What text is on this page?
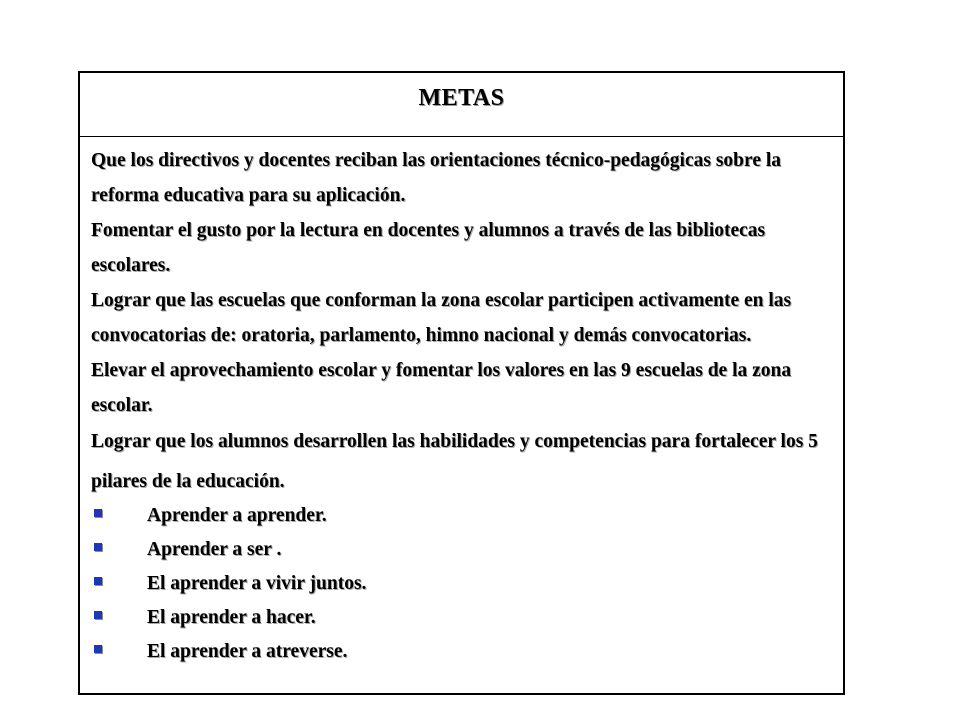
METAS

Que los directivos y docentes reciban las orientaciones técnico-pedagógicas sobre la reforma educativa para su aplicación.

Fomentar el gusto por la lectura en docentes y alumnos a través de las bibliotecas escolares.

Lograr que las escuelas que conforman la zona escolar participen activamente en las convocatorias de: oratoria, parlamento, himno nacional y demás convocatorias.

Elevar el aprovechamiento escolar y fomentar los valores en las 9 escuelas de la zona escolar.

Lograr que los alumnos desarrollen las habilidades y competencias para fortalecer los 5 pilares de la educación.

Aprender a aprender.
Aprender a ser .
El aprender a vivir juntos.
El aprender a hacer.
El aprender a atreverse.
